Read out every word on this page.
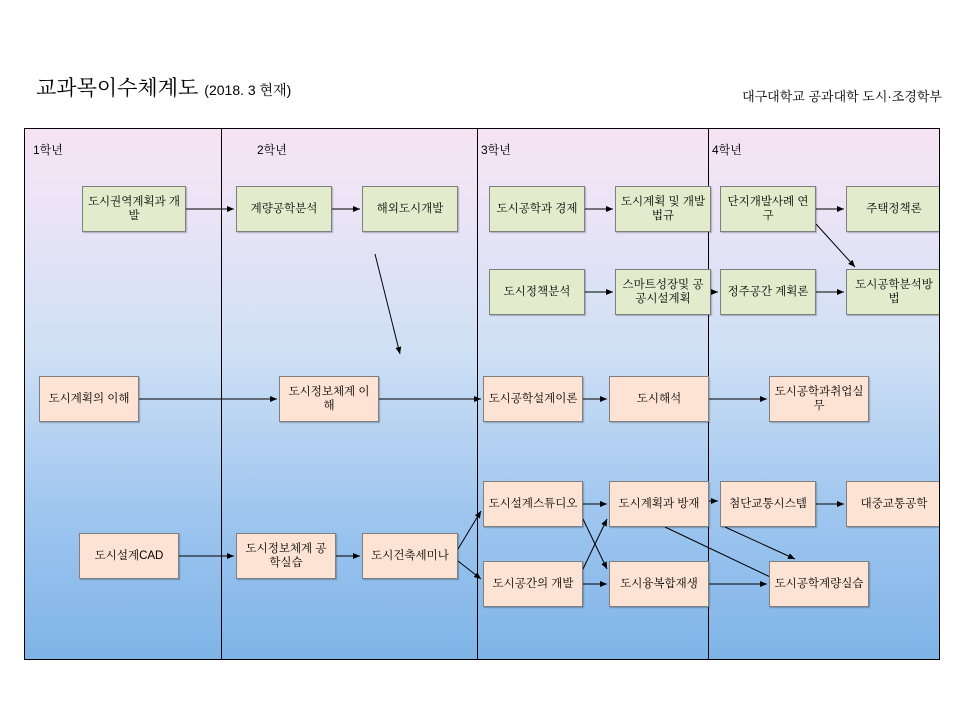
교과목이수체계도 (2018. 3 현재)	대구대학교 공과대학 도시·조경학부
1학년	2학년	3학년	4학년
도시권역계획과 개발
계량공학분석	해외도시개발	도시공학과 경제
도시계획 및 개발법규
단지개발사례 연구
주택정책론
도시정책분석
스마트성장및 공공시설계획
정주공간 계획론
도시공학분석방법
도시계획의 이해
도시정보체계 이해
도시공학설계이론	도시해석
도시공학과취업실무
도시설계스튜디오	도시계획과 방재	첨단교통시스템	대중교통공학
도시설계CAD
도시정보체계 공학실습
도시건축세미나
도시공간의 개발	도시융복합재생	도시공학계량실습
